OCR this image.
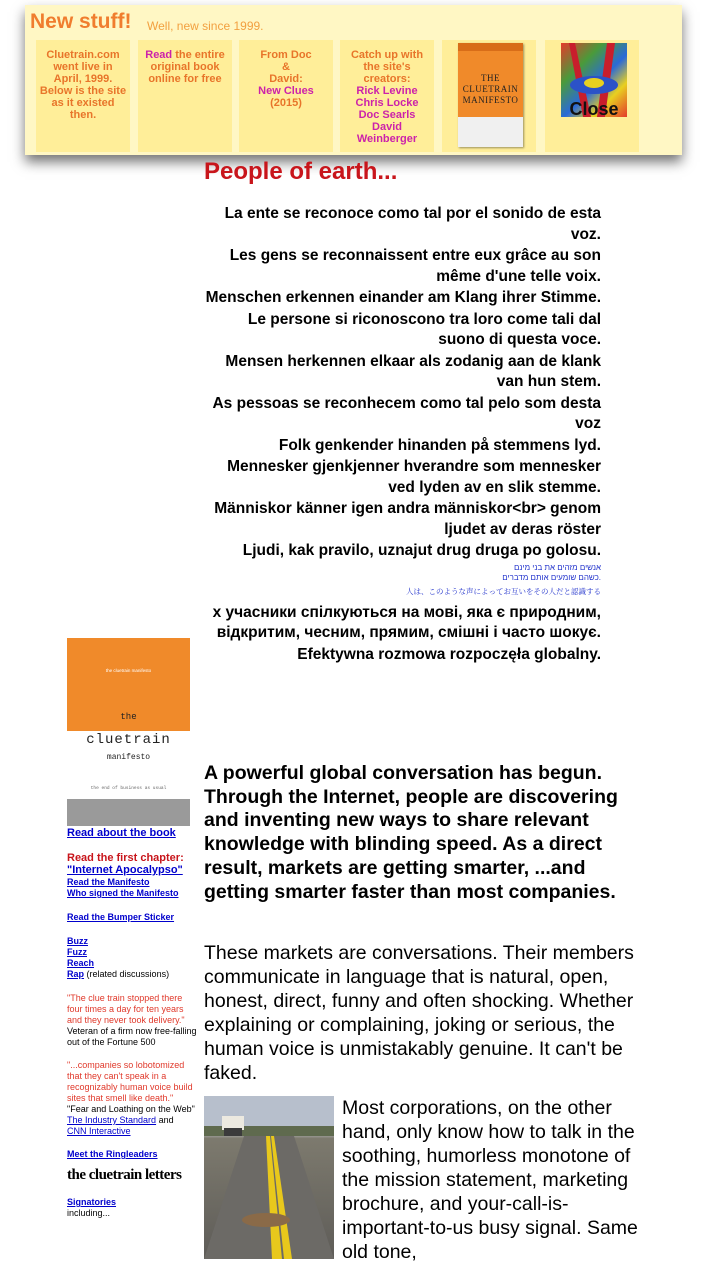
New stuff! Well, new since 1999.
Cluetrain.com went live in April, 1999. Below is the site as it existed then.
Read the entire original book online for free
From Doc
&
David:
New Clues
(2015)
Catch up with the site's creators:
Rick Levine
Chris Locke
Doc Searls
David Weinberger
THE CLUETRAIN MANIFESTO	Close
People of earth...
La ente se reconoce como tal por el sonido de esta voz.
Les gens se reconnaissent entre eux grâce au son même d'une telle voix.
Menschen erkennen einander am Klang ihrer Stimme.
Le persone si riconoscono tra loro come tali dal suono di questa voce.
Mensen herkennen elkaar als zodanig aan de klank van hun stem.
As pessoas se reconhecem como tal pelo som desta voz
Folk genkender hinanden på stemmens lyd.
Mennesker gjenkjenner hverandre som mennesker ved lyden av en slik stemme.
Människor känner igen andra människor<br> genom ljudet av deras röster
Ljudi, kak pravilo, uznajut drug druga po golosu.
אנשים מזהים את בני מינם
כשהם שומעים אותם מדברים.
人は、このような声によってお互いをその人だと認識する
х учасники спілкуються на мові, яка є природним, відкритим, чесним, прямим, смішні і часто шокує.
Efektywna rozmowa rozpoczęła globalny.

A powerful global conversation has begun. Through the Internet, people are discovering and inventing new ways to share relevant knowledge with blinding speed. As a direct result, markets are getting smarter, ...and getting smarter faster than most companies.

These markets are conversations. Their members communicate in language that is natural, open, honest, direct, funny and often shocking. Whether explaining or complaining, joking or serious, the human voice is unmistakably genuine. It can't be faked.

Most corporations, on the other hand, only know how to talk in the soothing, humorless monotone of the mission statement, marketing brochure, and your-call-is-important-to-us busy signal. Same old tone,

the cluetrain manifesto
the
cluetrain
manifesto
the end of business as usual
Read about the book
Read the first chapter:
"Internet Apocalypso"
Read the Manifesto
Who signed the Manifesto
Read the Bumper Sticker
Buzz
Fuzz
Reach
Rap (related discussions)
"The clue train stopped there four times a day for ten years and they never took delivery."
Veteran of a firm now free-falling out of the Fortune 500
"...companies so lobotomized that they can't speak in a recognizably human voice build sites that smell like death."
"Fear and Loathing on the Web"
The Industry Standard and
CNN Interactive
Meet the Ringleaders
the cluetrain letters
Signatories
including...
